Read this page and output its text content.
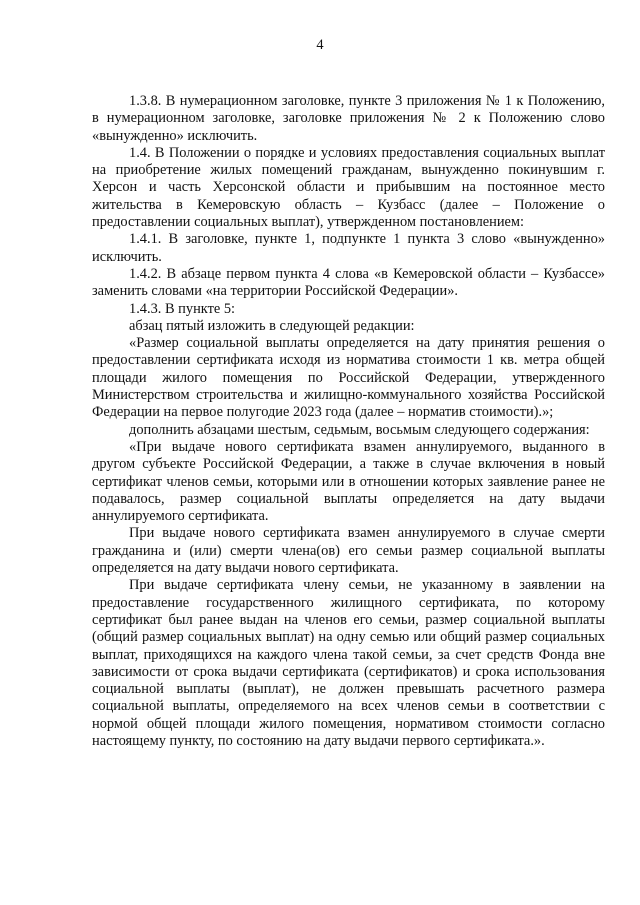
4

1.3.8. В нумерационном заголовке, пункте 3 приложения № 1 к Положению, в нумерационном заголовке, заголовке приложения № 2 к Положению слово «вынужденно» исключить.

1.4. В Положении о порядке и условиях предоставления социальных выплат на приобретение жилых помещений гражданам, вынужденно покинувшим г. Херсон и часть Херсонской области и прибывшим на постоянное место жительства в Кемеровскую область – Кузбасс (далее – Положение о предоставлении социальных выплат), утвержденном постановлением:

1.4.1. В заголовке, пункте 1, подпункте 1 пункта 3 слово «вынужденно» исключить.

1.4.2. В абзаце первом пункта 4 слова «в Кемеровской области – Кузбассе» заменить словами «на территории Российской Федерации».

1.4.3. В пункте 5:

абзац пятый изложить в следующей редакции:

«Размер социальной выплаты определяется на дату принятия решения о предоставлении сертификата исходя из норматива стоимости 1 кв. метра общей площади жилого помещения по Российской Федерации, утвержденного Министерством строительства и жилищно-коммунального хозяйства Российской Федерации на первое полугодие 2023 года (далее – норматив стоимости).»;

дополнить абзацами шестым, седьмым, восьмым следующего содержания:

«При выдаче нового сертификата взамен аннулируемого, выданного в другом субъекте Российской Федерации, а также в случае включения в новый сертификат членов семьи, которыми или в отношении которых заявление ранее не подавалось, размер социальной выплаты определяется на дату выдачи аннулируемого сертификата.

При выдаче нового сертификата взамен аннулируемого в случае смерти гражданина и (или) смерти члена(ов) его семьи размер социальной выплаты определяется на дату выдачи нового сертификата.

При выдаче сертификата члену семьи, не указанному в заявлении на предоставление государственного жилищного сертификата, по которому сертификат был ранее выдан на членов его семьи, размер социальной выплаты (общий размер социальных выплат) на одну семью или общий размер социальных выплат, приходящихся на каждого члена такой семьи, за счет средств Фонда вне зависимости от срока выдачи сертификата (сертификатов) и срока использования социальной выплаты (выплат), не должен превышать расчетного размера социальной выплаты, определяемого на всех членов семьи в соответствии с нормой общей площади жилого помещения, нормативом стоимости согласно настоящему пункту, по состоянию на дату выдачи первого сертификата.».
